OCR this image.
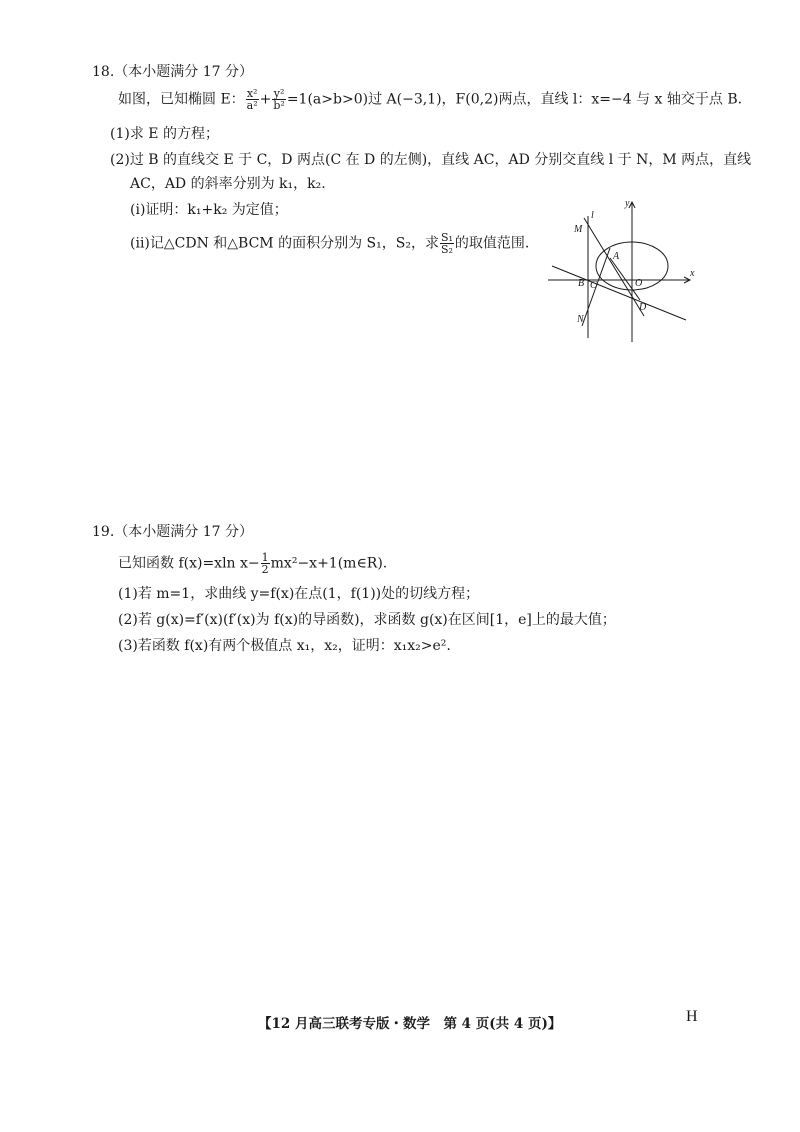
18.（本小题满分 17 分）
如图，已知椭圆 E： $\frac{\text{x²}}{\text{a²}} + \frac{\text{y²}}{\text{b²}} =1(a>b>0)$过 A(−3,1)，F(0,2)两点，直线 l：x=−4 与 x 轴交于点 B.
(1)求 E 的方程；
(2)过 B 的直线交 E 于 C，D 两点(C 在 D 的左侧)，直线 AC，AD 分别交直线 l 于 N，M 两点，直线
AC，AD 的斜率分别为 k₁，k₂.
(ⅰ)证明：k₁+k₂ 为定值；
(ⅱ)记△CDN 和△BCM 的面积分别为 S₁，S₂，求 $\frac{\text{S₁}}{\text{S₂}}$ 的取值范围.
y
x
l
M
A
B C	O
D
N
19.（本小题满分 17 分）
已知函数 f(x)=xln $x- \frac{1}{2}$ mx²−x+1(m∈R).
(1)若 m=1，求曲线 y=f(x)在点(1，f(1))处的切线方程；
(2)若 g(x)=f′(x)(f′(x)为 f(x)的导函数)，求函数 g(x)在区间[1，e]上的最大值；
(3)若函数 f(x)有两个极值点 x₁，x₂，证明：x₁x₂>e².
【12 月高三联考专版・数学　第 4 页(共 4 页)】	H
